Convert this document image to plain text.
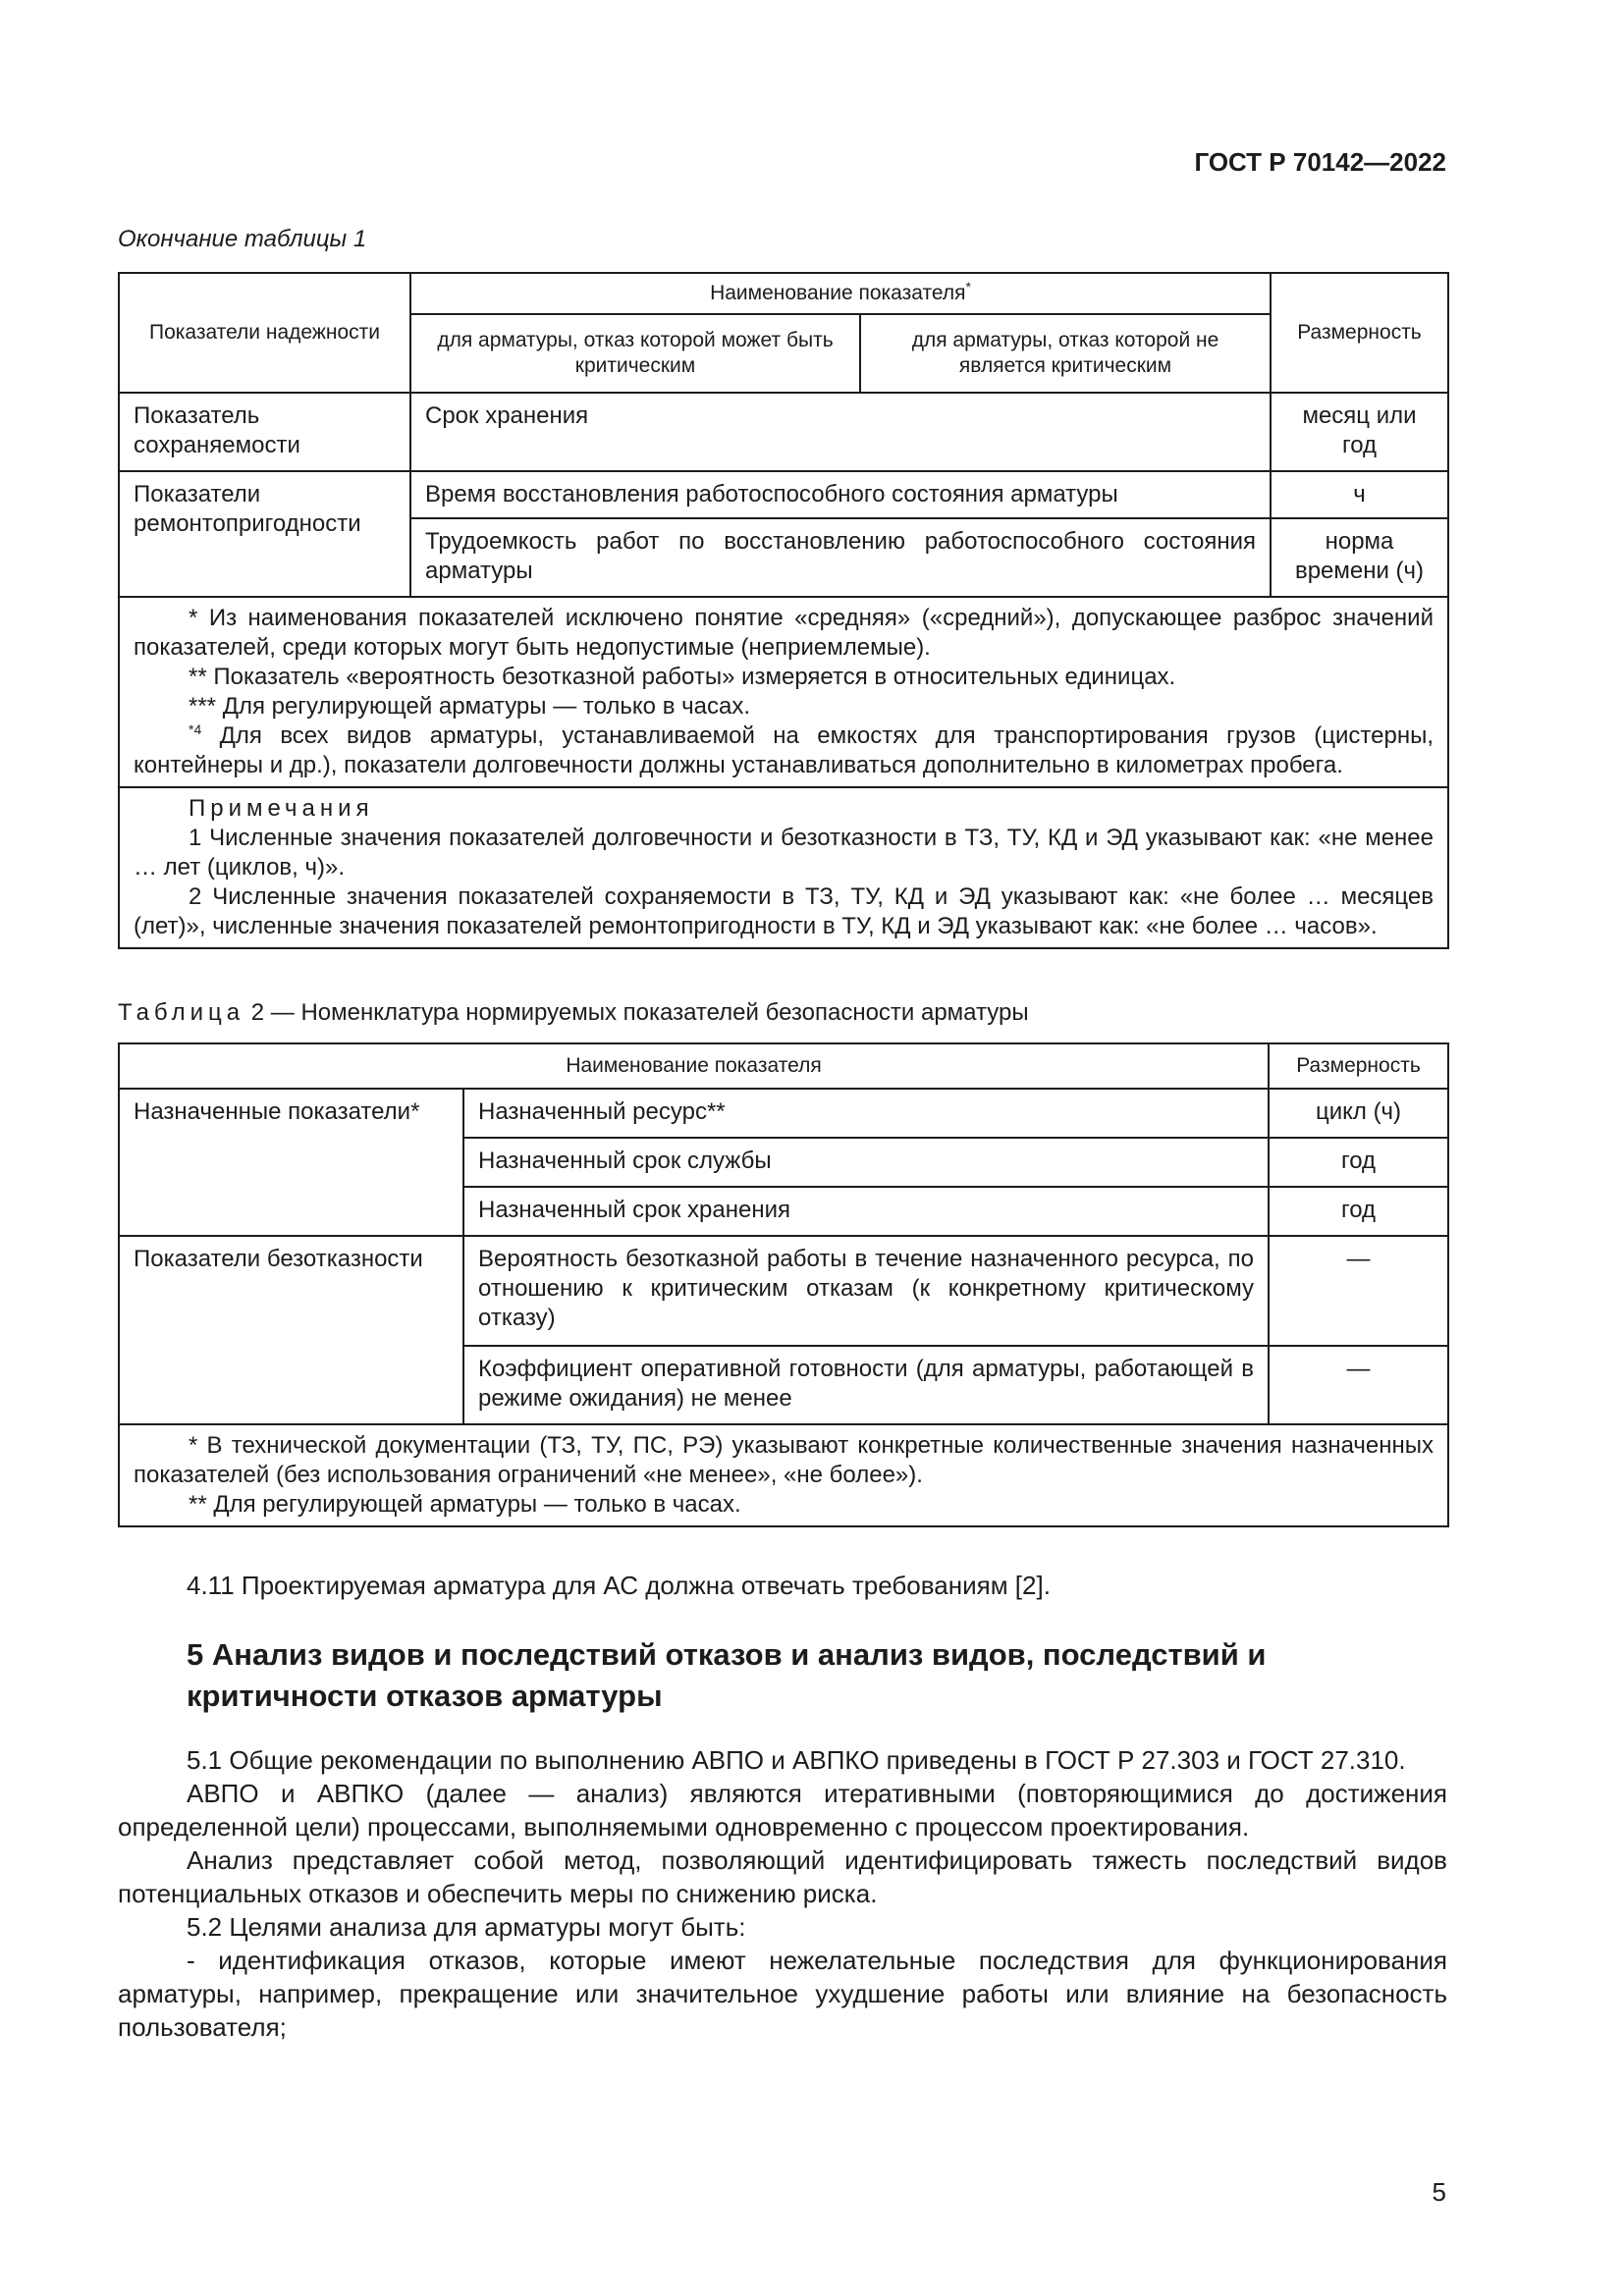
ГОСТ Р 70142—2022
Окончание таблицы 1
Показатели надежности	Наименование показателя*		Размерность
	для арматуры, отказ которой может быть критическим	для арматуры, отказ которой не является критическим	
Показатель сохраняемости	Срок хранения		месяц или год
Показатели ремонтопригодности	Время восстановления работоспособного состояния арматуры		ч
	Трудоемкость работ по восстановлению работоспособного состояния арматуры		норма времени (ч)

* Из наименования показателей исключено понятие «средняя» («средний»), допускающее разброс значений показателей, среди которых могут быть недопустимые (неприемлемые).

** Показатель «вероятность безотказной работы» измеряется в относительных единицах.

*** Для регулирующей арматуры — только в часах.

$^{*4}$ Для всех видов арматуры, устанавливаемой на емкостях для транспортирования грузов (цистерны, контейнеры и др.), показатели долговечности должны устанавливаться дополнительно в километрах пробега.			

Примечания

1 Численные значения показателей долговечности и безотказности в ТЗ, ТУ, КД и ЭД указывают как: «не менее … лет (циклов, ч)».

2 Численные значения показателей сохраняемости в ТЗ, ТУ, КД и ЭД указывают как: «не более … месяцев (лет)», численные значения показателей ремонтопригодности в ТУ, КД и ЭД указывают как: «не более … часов».			

Таблица 2 — Номенклатура нормируемых показателей безопасности арматуры
Наименование показателя		Размерность
Назначенные показатели*	Назначенный ресурс**	цикл (ч)
	Назначенный срок службы	год
	Назначенный срок хранения	год
Показатели безотказности	Вероятность безотказной работы в течение назначенного ресурса, по отношению к критическим отказам (к конкретному критическому отказу)	—
	Коэффициент оперативной готовности (для арматуры, работающей в режиме ожидания) не менее	—

* В технической документации (ТЗ, ТУ, ПС, РЭ) указывают конкретные количественные значения назначенных показателей (без использования ограничений «не менее», «не более»).

** Для регулирующей арматуры — только в часах.		

4.11 Проектируемая арматура для АС должна отвечать требованиям [2].

5 Анализ видов и последствий отказов и анализ видов, последствий и критичности отказов арматуры

5.1 Общие рекомендации по выполнению АВПО и АВПКО приведены в ГОСТ Р 27.303 и ГОСТ 27.310.

АВПО и АВПКО (далее — анализ) являются итеративными (повторяющимися до достижения определенной цели) процессами, выполняемыми одновременно с процессом проектирования.

Анализ представляет собой метод, позволяющий идентифицировать тяжесть последствий видов потенциальных отказов и обеспечить меры по снижению риска.

5.2 Целями анализа для арматуры могут быть:

- идентификация отказов, которые имеют нежелательные последствия для функционирования арматуры, например, прекращение или значительное ухудшение работы или влияние на безопасность пользователя;

5
